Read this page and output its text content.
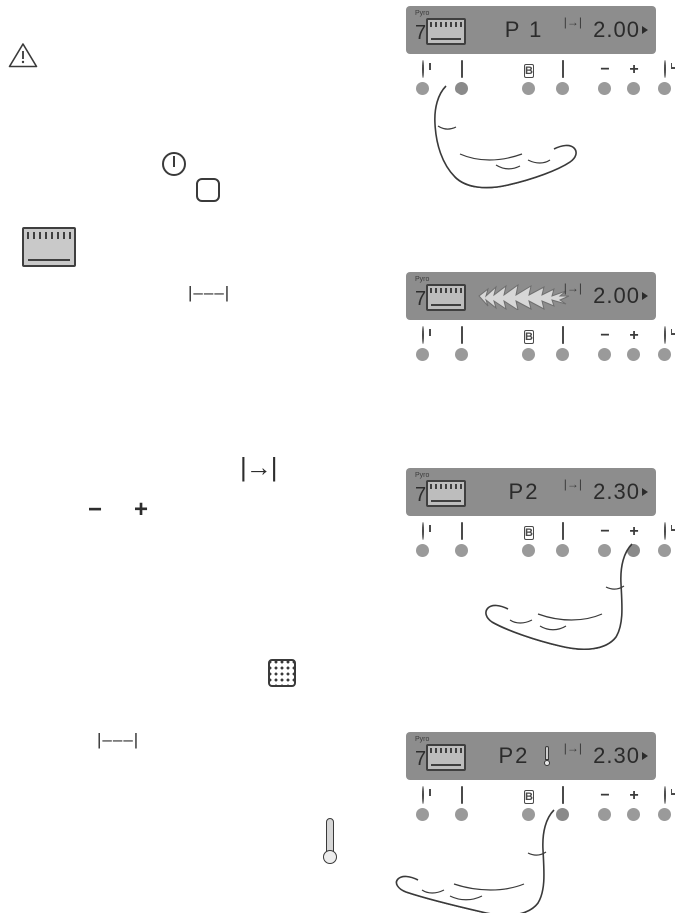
|–––|
|→|
− +
|–––|
Pyro
7	P 1	|→| 2.00
B	− +
Pyro
7	|→| 2.00
B	− +
Pyro
7	P2	|→| 2.30
B	− +
Pyro
7	P2	|→| 2.30
B	− +
